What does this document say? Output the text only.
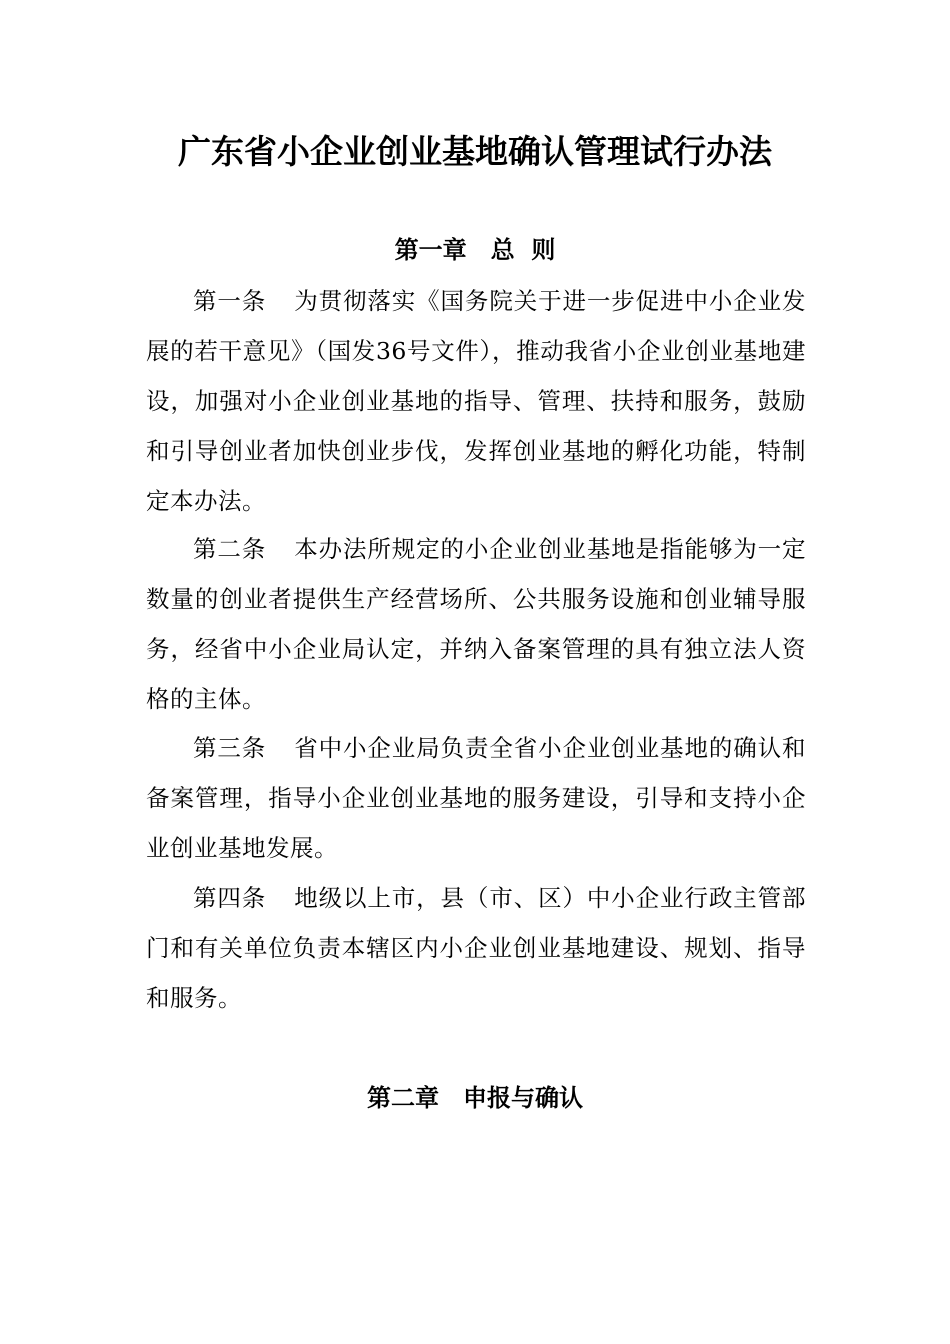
广东省小企业创业基地确认管理试行办法
第一章　总  则

第一条 为贯彻落实《国务院关于进一步促进中小企业发展的若干意见》（国发36号文件），推动我省小企业创业基地建设，加强对小企业创业基地的指导、管理、扶持和服务，鼓励和引导创业者加快创业步伐，发挥创业基地的孵化功能，特制定本办法。

第二条 本办法所规定的小企业创业基地是指能够为一定数量的创业者提供生产经营场所、公共服务设施和创业辅导服务，经省中小企业局认定，并纳入备案管理的具有独立法人资格的主体。

第三条 省中小企业局负责全省小企业创业基地的确认和备案管理，指导小企业创业基地的服务建设，引导和支持小企业创业基地发展。

第四条 地级以上市，县（市、区）中小企业行政主管部门和有关单位负责本辖区内小企业创业基地建设、规划、指导和服务。

第二章　申报与确认
